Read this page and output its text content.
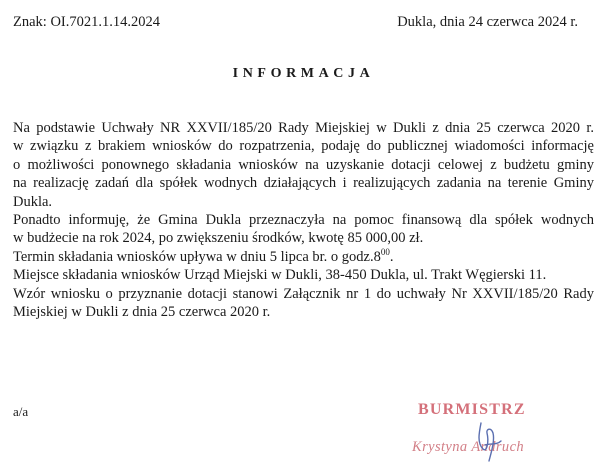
Znak: OI.7021.1.14.2024	Dukla, dnia 24 czerwca 2024 r.
INFORMACJA
Na podstawie Uchwały NR XXVII/185/20 Rady Miejskiej w Dukli z dnia 25 czerwca 2020 r.
w związku z brakiem wniosków do rozpatrzenia, podaję do publicznej wiadomości informację
o możliwości ponownego składania wniosków na uzyskanie dotacji celowej z budżetu gminy
na realizację zadań dla spółek wodnych działających i realizujących zadania na terenie Gminy
Dukla.
Ponadto informuję, że Gmina Dukla przeznaczyła na pomoc finansową dla spółek wodnych
w budżecie na rok 2024, po zwiększeniu środków, kwotę 85 000,00 zł.
Termin składania wniosków upływa w dniu 5 lipca br. o $godz.8^{00}$.
Miejsce składania wniosków Urząd Miejski w Dukli, 38-450 Dukla, ul. Trakt Węgierski 11.
Wzór wniosku o przyznanie dotacji stanowi Załącznik nr 1 do uchwały Nr XXVII/185/20 Rady
Miejskiej w Dukli z dnia 25 czerwca 2020 r.
a/a	BURMISTRZ
Krystyna Andruch
